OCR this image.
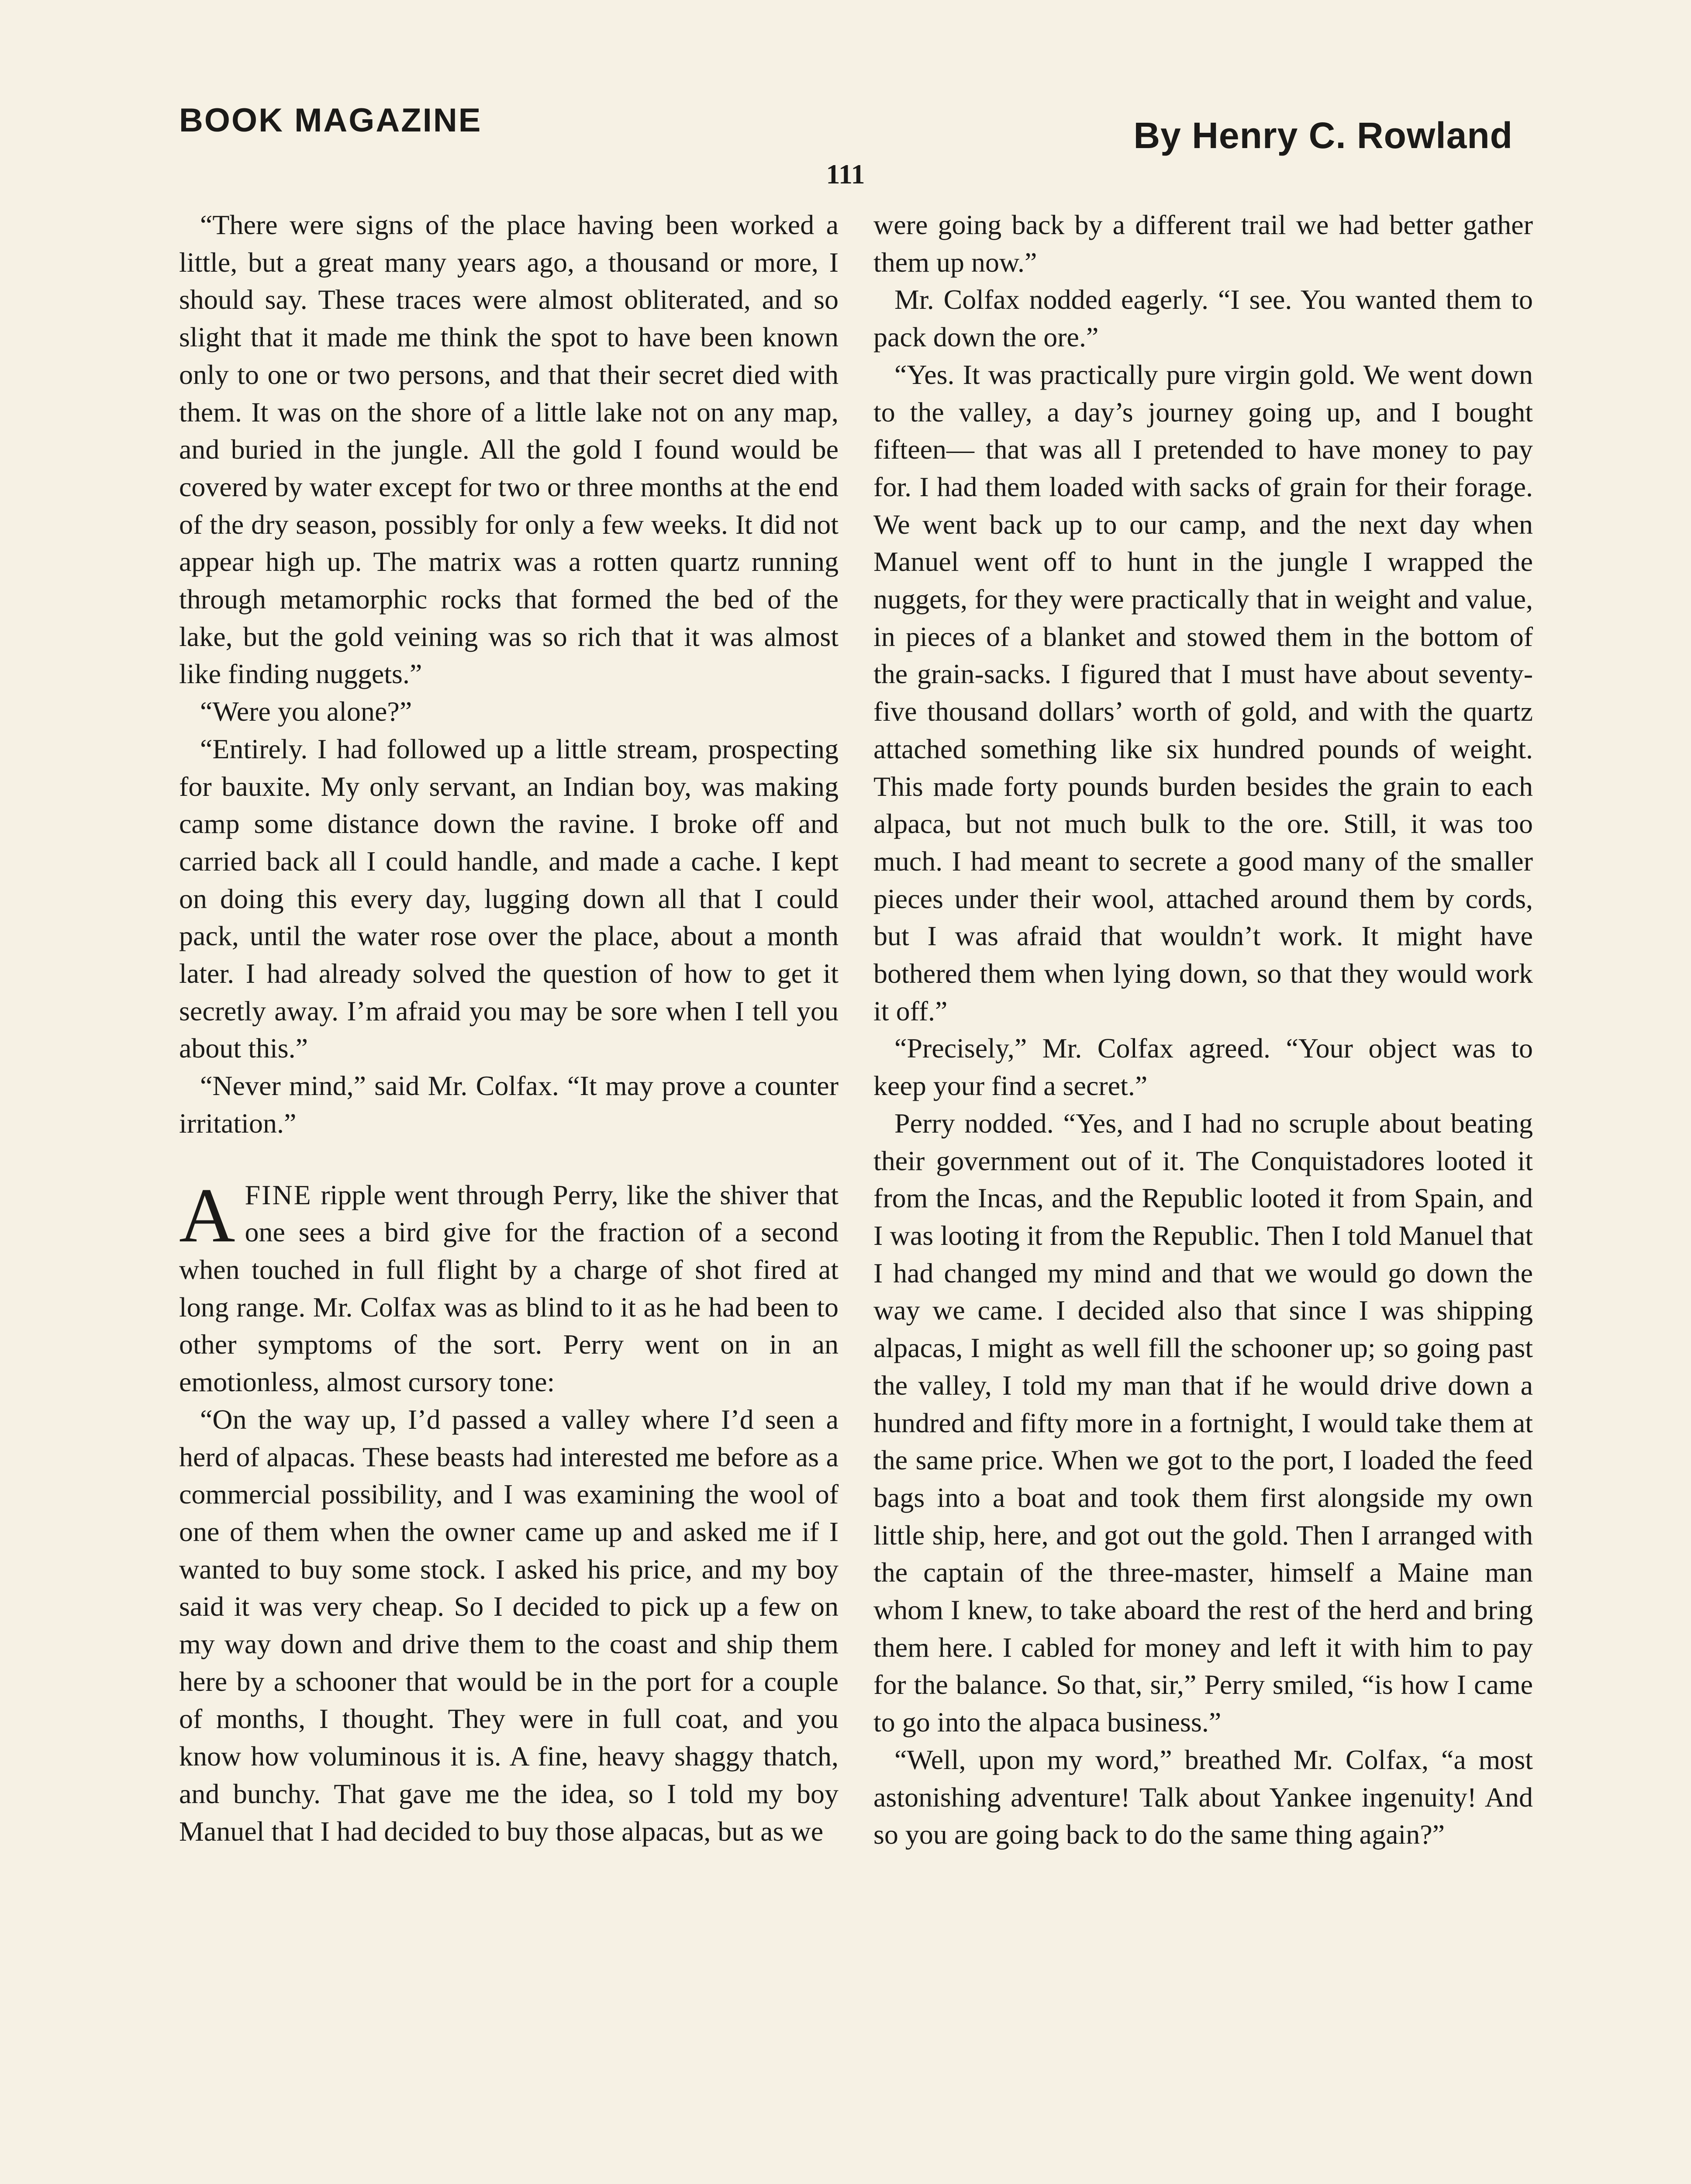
BOOK MAGAZINE	By Henry C. Rowland
111

“There were signs of the place having been worked a little, but a great many years ago, a thousand or more, I should say. These traces were almost obliterated, and so slight that it made me think the spot to have been known only to one or two persons, and that their secret died with them. It was on the shore of a little lake not on any map, and buried in the jungle. All the gold I found would be covered by water except for two or three months at the end of the dry season, possibly for only a few weeks. It did not appear high up. The matrix was a rotten quartz running through metamorphic rocks that formed the bed of the lake, but the gold veining was so rich that it was almost like finding nuggets.”

“Were you alone?”

“Entirely. I had followed up a little stream, prospecting for bauxite. My only servant, an Indian boy, was making camp some distance down the ravine. I broke off and carried back all I could handle, and made a cache. I kept on doing this every day, lugging down all that I could pack, until the water rose over the place, about a month later. I had already solved the question of how to get it secretly away. I’m afraid you may be sore when I tell you about this.”

“Never mind,” said Mr. Colfax. “It may prove a counter irritation.”

AFINE ripple went through Perry, like the shiver that one sees a bird give for the fraction of a second when touched in full flight by a charge of shot fired at long range. Mr. Colfax was as blind to it as he had been to other symptoms of the sort. Perry went on in an emotionless, almost cursory tone:

“On the way up, I’d passed a valley where I’d seen a herd of alpacas. These beasts had interested me before as a commercial possibility, and I was examining the wool of one of them when the owner came up and asked me if I wanted to buy some stock. I asked his price, and my boy said it was very cheap. So I decided to pick up a few on my way down and drive them to the coast and ship them here by a schooner that would be in the port for a couple of months, I thought. They were in full coat, and you know how voluminous it is. A fine, heavy shaggy thatch, and bunchy. That gave me the idea, so I told my boy Manuel that I had decided to buy those alpacas, but as we

were going back by a different trail we had better gather them up now.”

Mr. Colfax nodded eagerly. “I see. You wanted them to pack down the ore.”

“Yes. It was practically pure virgin gold. We went down to the valley, a day’s journey going up, and I bought fifteen— that was all I pretended to have money to pay for. I had them loaded with sacks of grain for their forage. We went back up to our camp, and the next day when Manuel went off to hunt in the jungle I wrapped the nuggets, for they were practically that in weight and value, in pieces of a blanket and stowed them in the bottom of the grain-sacks. I figured that I must have about seventy-five thousand dollars’ worth of gold, and with the quartz attached something like six hundred pounds of weight. This made forty pounds burden besides the grain to each alpaca, but not much bulk to the ore. Still, it was too much. I had meant to secrete a good many of the smaller pieces under their wool, attached around them by cords, but I was afraid that wouldn’t work. It might have bothered them when lying down, so that they would work it off.”

“Precisely,” Mr. Colfax agreed. “Your object was to keep your find a secret.”

Perry nodded. “Yes, and I had no scruple about beating their government out of it. The Conquistadores looted it from the Incas, and the Republic looted it from Spain, and I was looting it from the Republic. Then I told Manuel that I had changed my mind and that we would go down the way we came. I decided also that since I was shipping alpacas, I might as well fill the schooner up; so going past the valley, I told my man that if he would drive down a hundred and fifty more in a fortnight, I would take them at the same price. When we got to the port, I loaded the feed bags into a boat and took them first alongside my own little ship, here, and got out the gold. Then I arranged with the captain of the three-master, himself a Maine man whom I knew, to take aboard the rest of the herd and bring them here. I cabled for money and left it with him to pay for the balance. So that, sir,” Perry smiled, “is how I came to go into the alpaca business.”

“Well, upon my word,” breathed Mr. Colfax, “a most astonishing adventure! Talk about Yankee ingenuity! And so you are going back to do the same thing again?”
